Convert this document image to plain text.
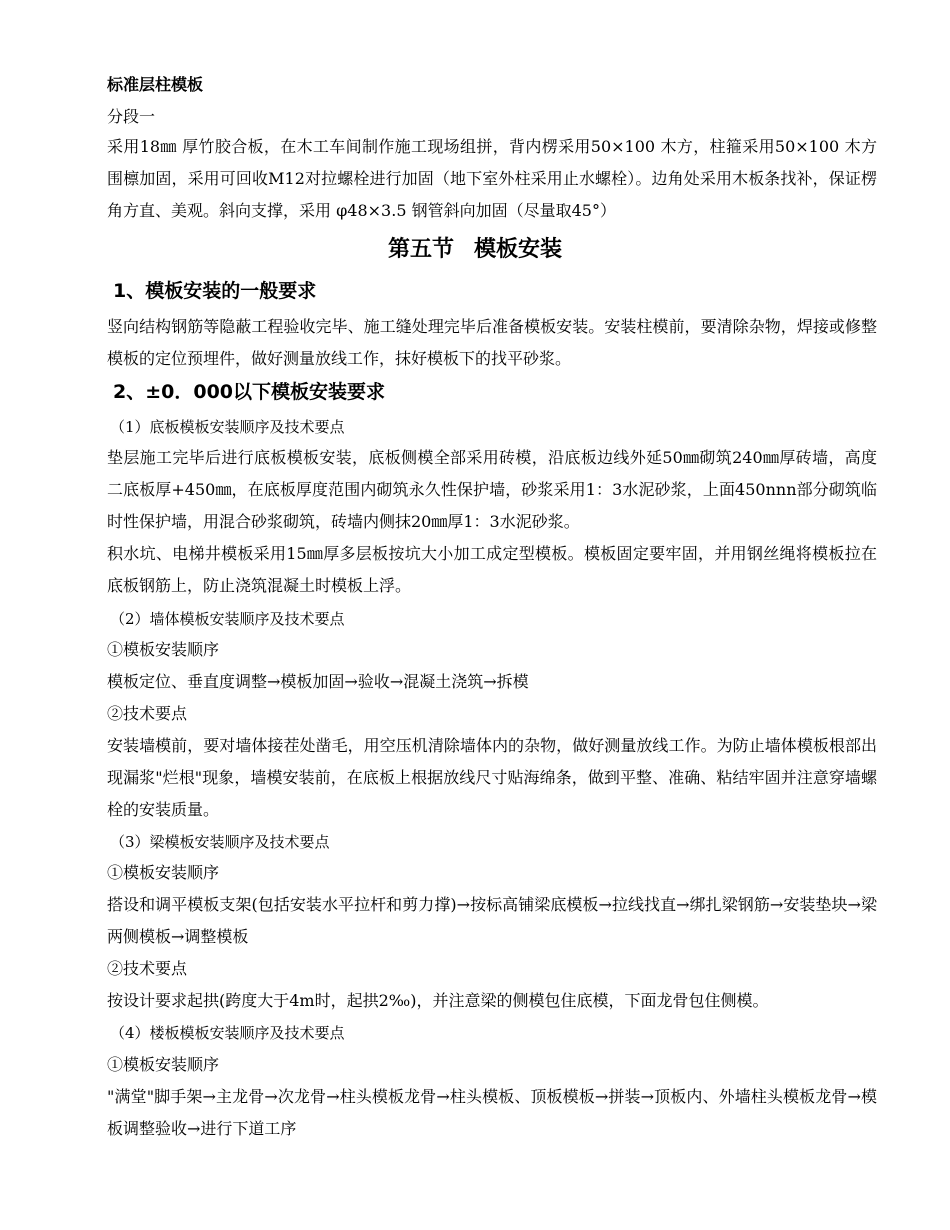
标准层柱模板
分段一
采用18㎜ 厚竹胶合板，在木工车间制作施工现场组拼，背内楞采用50×100 木方，柱箍采用50×100 木方围檩加固，采用可回收M12对拉螺栓进行加固（地下室外柱采用止水螺栓）。边角处采用木板条找补，保证楞角方直、美观。斜向支撑，采用 φ48×3.5 钢管斜向加固（尽量取45°）
第五节 模板安装
1、模板安装的一般要求
竖向结构钢筋等隐蔽工程验收完毕、施工缝处理完毕后准备模板安装。安装柱模前，要清除杂物，焊接或修整模板的定位预埋件，做好测量放线工作，抹好模板下的找平砂浆。
2、±0．000以下模板安装要求
（1）底板模板安装顺序及技术要点
垫层施工完毕后进行底板模板安装，底板侧模全部采用砖模，沿底板边线外延50㎜砌筑240㎜厚砖墙，高度二底板厚+450㎜，在底板厚度范围内砌筑永久性保护墙，砂浆采用1：3水泥砂浆，上面450nnn部分砌筑临时性保护墙，用混合砂浆砌筑，砖墙内侧抹20㎜厚1：3水泥砂浆。
积水坑、电梯井模板采用15㎜厚多层板按坑大小加工成定型模板。模板固定要牢固，并用钢丝绳将模板拉在底板钢筋上，防止浇筑混凝土时模板上浮。
（2）墙体模板安装顺序及技术要点
①模板安装顺序
模板定位、垂直度调整→模板加固→验收→混凝土浇筑→拆模
②技术要点
安装墙模前，要对墙体接茬处凿毛，用空压机清除墙体内的杂物，做好测量放线工作。为防止墙体模板根部出现漏浆"烂根"现象，墙模安装前，在底板上根据放线尺寸贴海绵条，做到平整、准确、粘结牢固并注意穿墙螺栓的安装质量。
（3）梁模板安装顺序及技术要点
①模板安装顺序
搭设和调平模板支架(包括安装水平拉杆和剪力撑)→按标高铺梁底模板→拉线找直→绑扎梁钢筋→安装垫块→梁两侧模板→调整模板
②技术要点
按设计要求起拱(跨度大于4m时，起拱2‰)，并注意梁的侧模包住底模，下面龙骨包住侧模。
（4）楼板模板安装顺序及技术要点
①模板安装顺序
"满堂"脚手架→主龙骨→次龙骨→柱头模板龙骨→柱头模板、顶板模板→拼装→顶板内、外墙柱头模板龙骨→模板调整验收→进行下道工序
